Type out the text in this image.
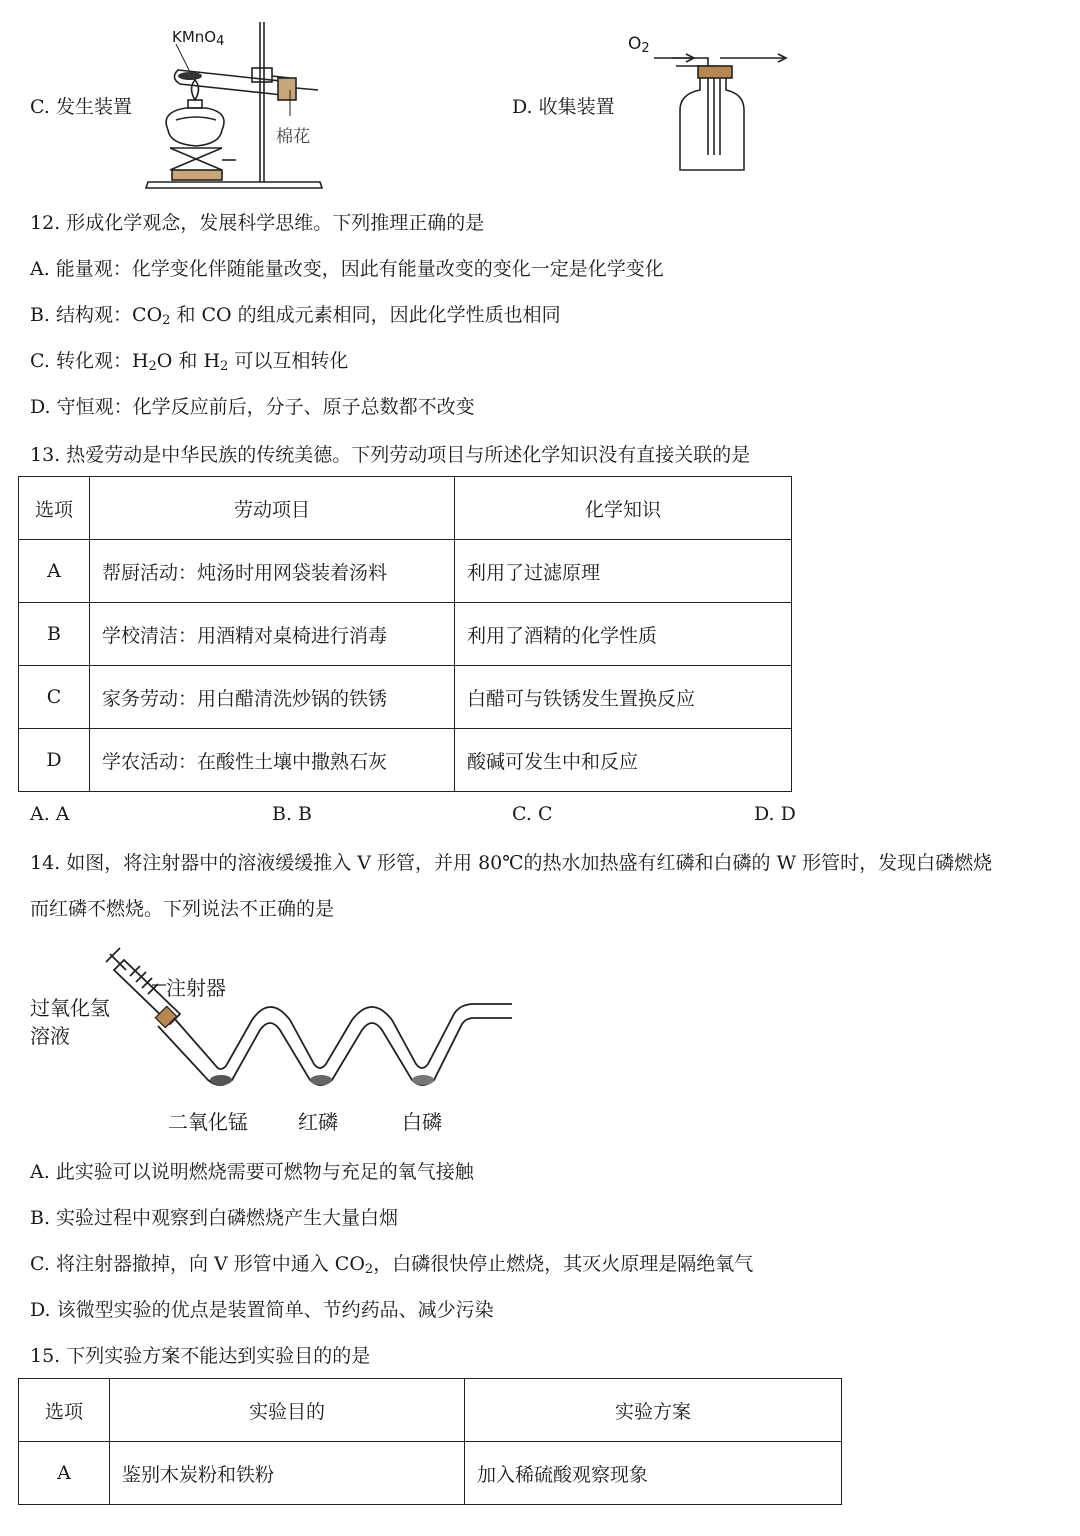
C. 发生装置	D. 收集装置
KMnO$_4$
棉花
$O_2$
12. 形成化学观念，发展科学思维。下列推理正确的是
A. 能量观：化学变化伴随能量改变，因此有能量改变的变化一定是化学变化
B. 结构观：$CO_2$ 和 CO 的组成元素相同，因此化学性质也相同
C. 转化观：$H_2O$ 和 $H_2$ 可以互相转化
D. 守恒观：化学反应前后，分子、原子总数都不改变
13. 热爱劳动是中华民族的传统美德。下列劳动项目与所述化学知识没有直接关联的是
选项	劳动项目	化学知识
A	帮厨活动：炖汤时用网袋装着汤料	利用了过滤原理
B	学校清洁：用酒精对桌椅进行消毒	利用了酒精的化学性质
C	家务劳动：用白醋清洗炒锅的铁锈	白醋可与铁锈发生置换反应
D	学农活动：在酸性土壤中撒熟石灰	酸碱可发生中和反应
A. A	B. B	C. C	D. D
14. 如图，将注射器中的溶液缓缓推入 V 形管，并用 80℃的热水加热盛有红磷和白磷的 W 形管时，发现白磷燃烧
而红磷不燃烧。下列说法不正确的是
注射器
过氧化氢
溶液
二氧化锰	红磷	白磷
A. 此实验可以说明燃烧需要可燃物与充足的氧气接触
B. 实验过程中观察到白磷燃烧产生大量白烟
C. 将注射器撤掉，向 V 形管中通入 $CO_2$，白磷很快停止燃烧，其灭火原理是隔绝氧气
D. 该微型实验的优点是装置简单、节约药品、减少污染
15. 下列实验方案不能达到实验目的的是
选项	实验目的	实验方案
A	鉴别木炭粉和铁粉	加入稀硫酸观察现象
